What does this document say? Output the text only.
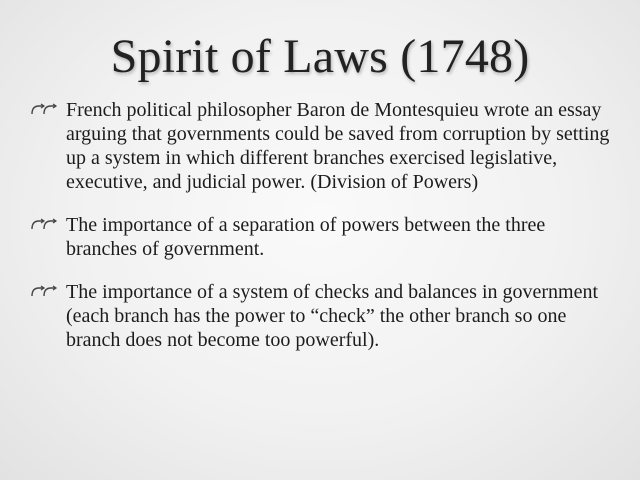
Spirit of Laws (1748)
French political philosopher Baron de Montesquieu wrote an essay arguing that governments could be saved from corruption by setting up a system in which different branches exercised legislative, executive, and judicial power. (Division of Powers)
The importance of a separation of powers between the three branches of government.
The importance of a system of checks and balances in government (each branch has the power to “check” the other branch so one branch does not become too powerful).
